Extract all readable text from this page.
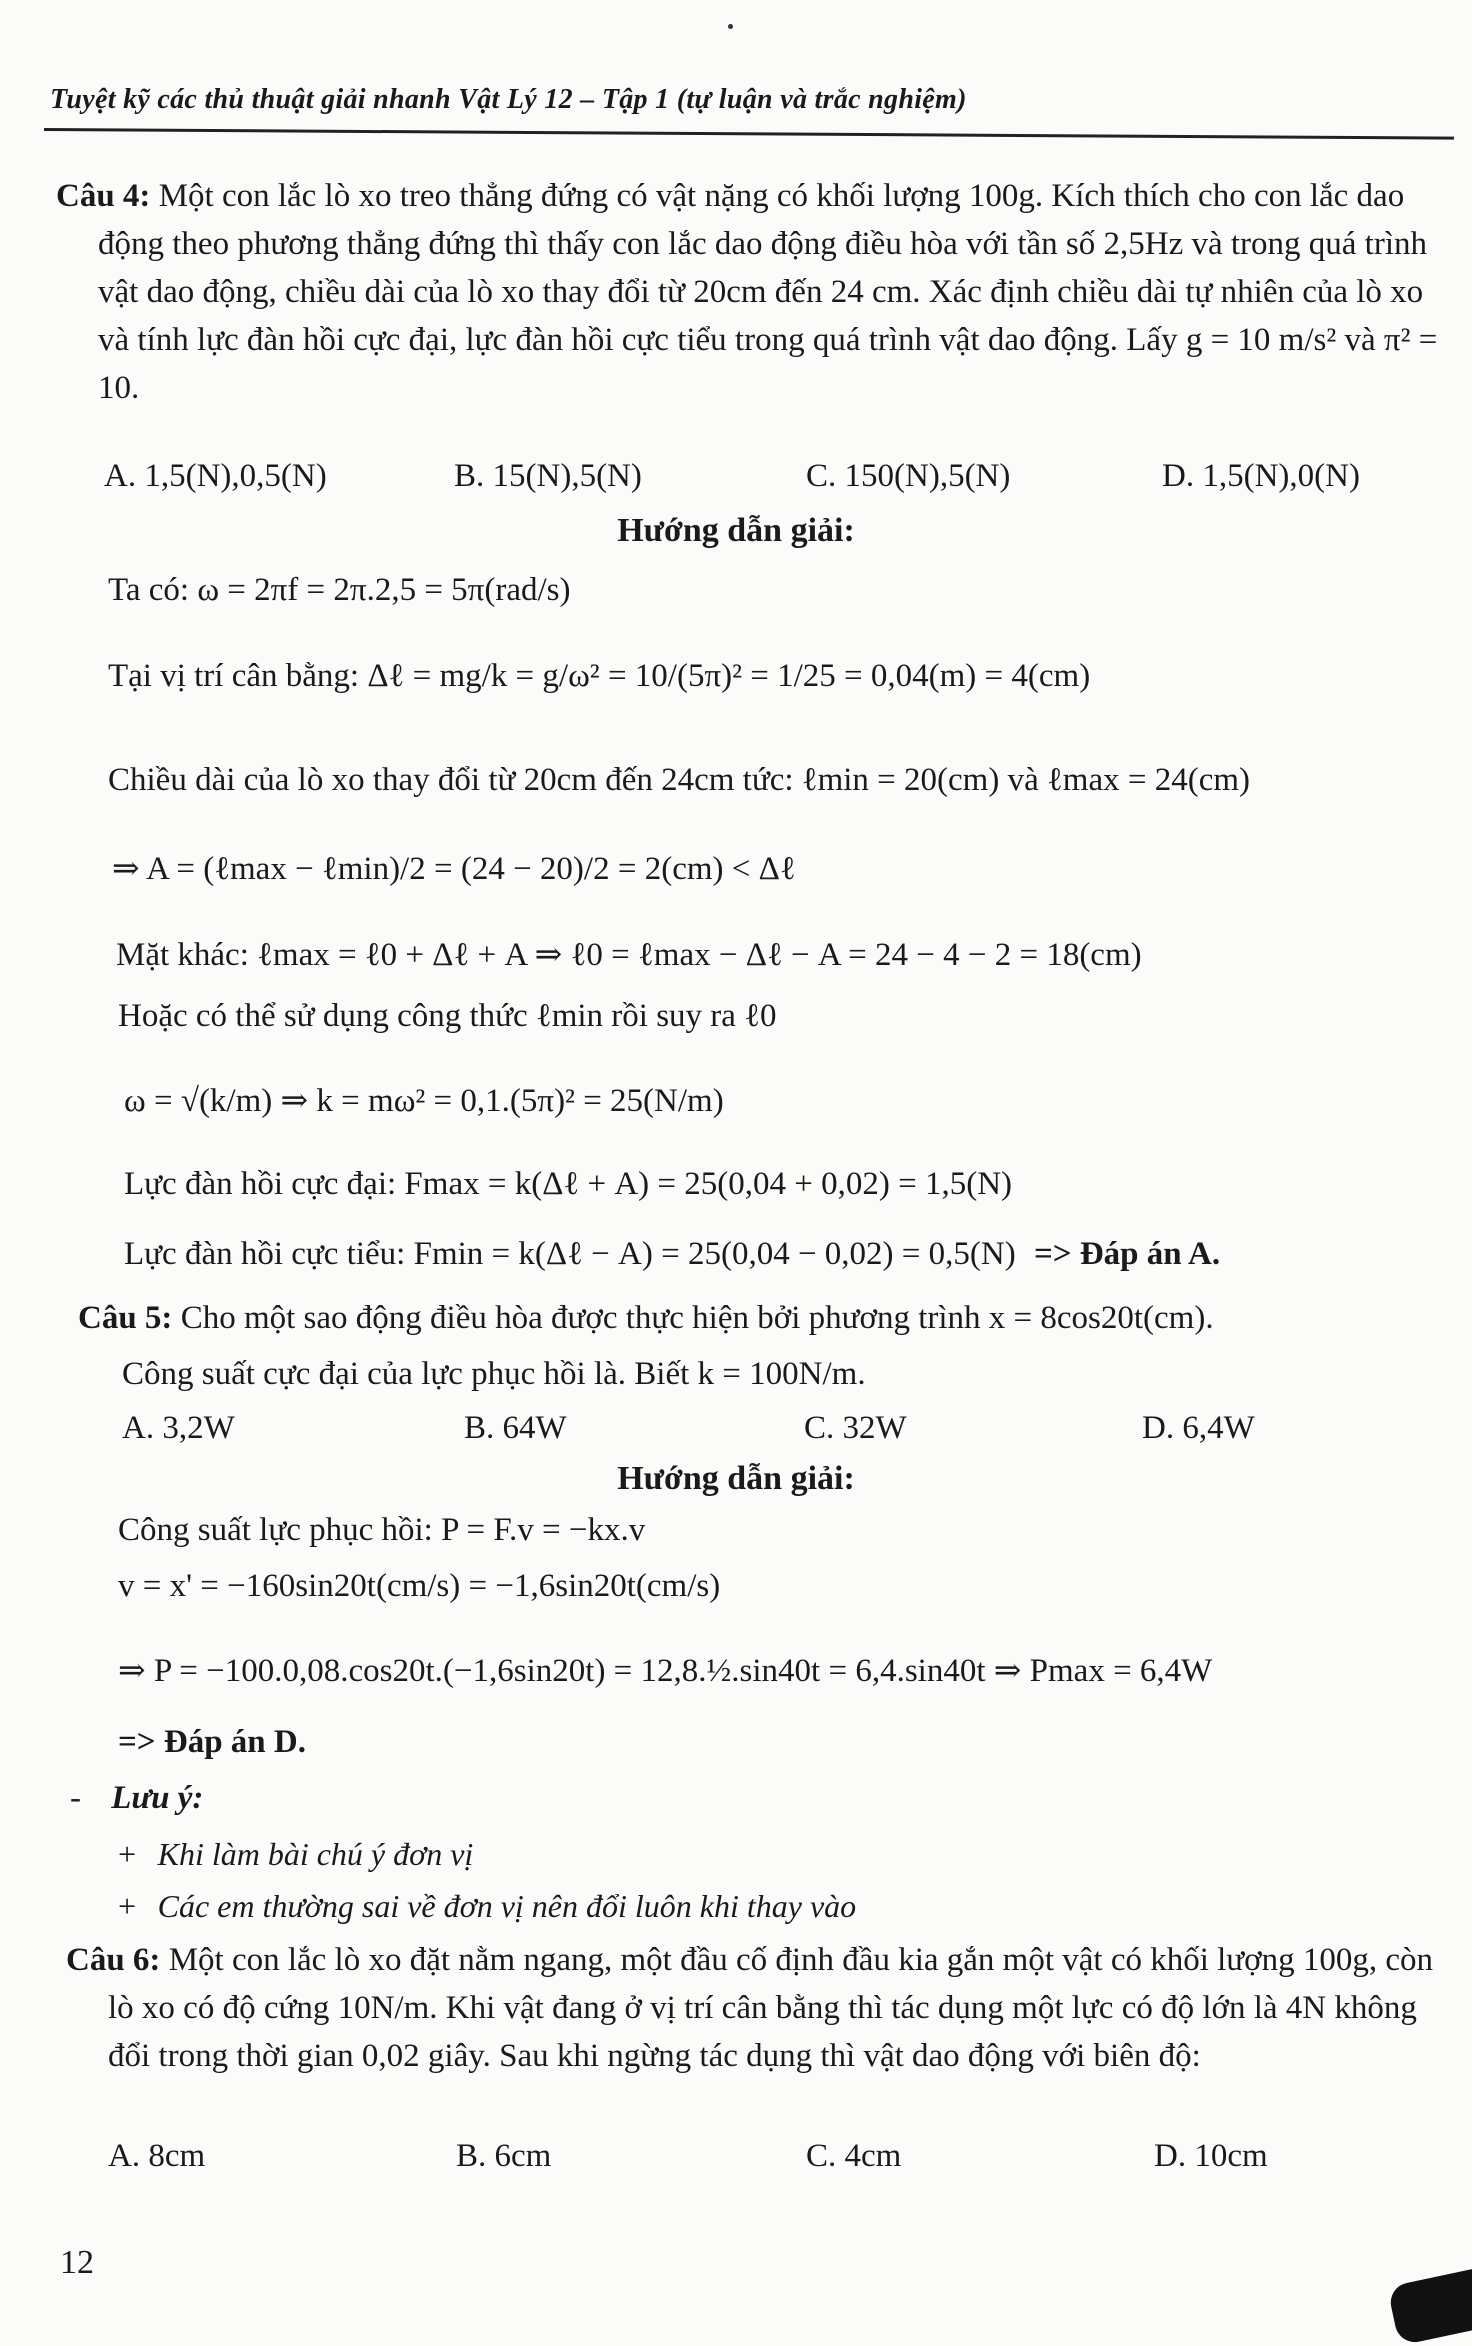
Tuyệt kỹ các thủ thuật giải nhanh Vật Lý 12 – Tập 1 (tự luận và trắc nghiệm)
Câu 4: Một con lắc lò xo treo thẳng đứng có vật nặng có khối lượng 100g. Kích thích cho con lắc dao động theo phương thẳng đứng thì thấy con lắc dao động điều hòa với tần số 2,5Hz và trong quá trình vật dao động, chiều dài của lò xo thay đổi từ 20cm đến 24 cm. Xác định chiều dài tự nhiên của lò xo và tính lực đàn hồi cực đại, lực đàn hồi cực tiểu trong quá trình vật dao động. Lấy g = 10 m/s² và π² = 10.
A. 1,5(N),0,5(N)	B. 15(N),5(N)	C. 150(N),5(N)	D. 1,5(N),0(N)
Hướng dẫn giải:
Ta có: ω = 2πf = 2π.2,5 = 5π(rad/s)
Tại vị trí cân bằng: Δℓ = mg/k = g/ω² = 10/(5π)² = 1/25 = 0,04(m) = 4(cm)
Chiều dài của lò xo thay đổi từ 20cm đến 24cm tức: ℓmin = 20(cm) và ℓmax = 24(cm)
⇒ A = (ℓmax − ℓmin)/2 = (24 − 20)/2 = 2(cm) < Δℓ
Mặt khác: ℓmax = ℓ0 + Δℓ + A ⇒ ℓ0 = ℓmax − Δℓ − A = 24 − 4 − 2 = 18(cm)
Hoặc có thể sử dụng công thức ℓmin rồi suy ra ℓ0
ω = √(k/m) ⇒ k = mω² = 0,1.(5π)² = 25(N/m)
Lực đàn hồi cực đại: Fmax = k(Δℓ + A) = 25(0,04 + 0,02) = 1,5(N)
Lực đàn hồi cực tiểu: Fmin = k(Δℓ − A) = 25(0,04 − 0,02) = 0,5(N) => Đáp án A.
Câu 5: Cho một sao động điều hòa được thực hiện bởi phương trình x = 8cos20t(cm).
Công suất cực đại của lực phục hồi là. Biết k = 100N/m.
A. 3,2W	B. 64W	C. 32W	D. 6,4W
Hướng dẫn giải:
Công suất lực phục hồi: P = F.v = −kx.v
v = x' = −160sin20t(cm/s) = −1,6sin20t(cm/s)
⇒ P = −100.0,08.cos20t.(−1,6sin20t) = 12,8.½.sin40t = 6,4.sin40t ⇒ Pmax = 6,4W
=> Đáp án D.
- Lưu ý:
+ Khi làm bài chú ý đơn vị
+ Các em thường sai về đơn vị nên đổi luôn khi thay vào
Câu 6: Một con lắc lò xo đặt nằm ngang, một đầu cố định đầu kia gắn một vật có khối lượng 100g, còn lò xo có độ cứng 10N/m. Khi vật đang ở vị trí cân bằng thì tác dụng một lực có độ lớn là 4N không đổi trong thời gian 0,02 giây. Sau khi ngừng tác dụng thì vật dao động với biên độ:
A. 8cm	B. 6cm	C. 4cm	D. 10cm
12
